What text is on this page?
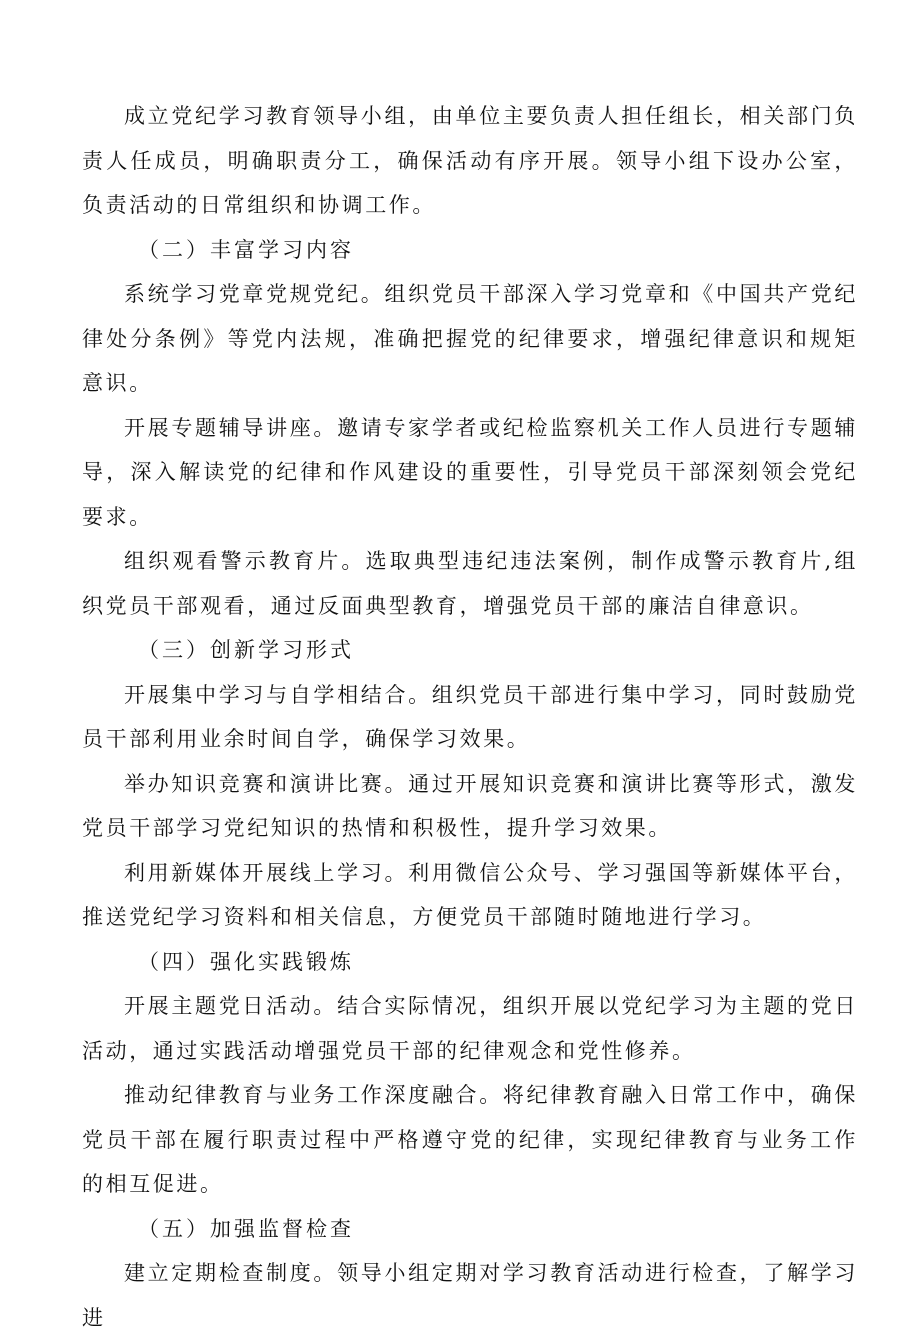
成立党纪学习教育领导小组，由单位主要负责人担任组长，相关部门负责人任成员，明确职责分工，确保活动有序开展。领导小组下设办公室，负责活动的日常组织和协调工作。

（二）丰富学习内容

系统学习党章党规党纪。组织党员干部深入学习党章和《中国共产党纪律处分条例》等党内法规，准确把握党的纪律要求，增强纪律意识和规矩意识。

开展专题辅导讲座。邀请专家学者或纪检监察机关工作人员进行专题辅导，深入解读党的纪律和作风建设的重要性，引导党员干部深刻领会党纪要求。

组织观看警示教育片。选取典型违纪违法案例，制作成警示教育片,组织党员干部观看，通过反面典型教育，增强党员干部的廉洁自律意识。

（三）创新学习形式

开展集中学习与自学相结合。组织党员干部进行集中学习，同时鼓励党员干部利用业余时间自学，确保学习效果。

举办知识竞赛和演讲比赛。通过开展知识竞赛和演讲比赛等形式，激发党员干部学习党纪知识的热情和积极性，提升学习效果。

利用新媒体开展线上学习。利用微信公众号、学习强国等新媒体平台，推送党纪学习资料和相关信息，方便党员干部随时随地进行学习。

（四）强化实践锻炼

开展主题党日活动。结合实际情况，组织开展以党纪学习为主题的党日活动，通过实践活动增强党员干部的纪律观念和党性修养。

推动纪律教育与业务工作深度融合。将纪律教育融入日常工作中，确保党员干部在履行职责过程中严格遵守党的纪律，实现纪律教育与业务工作的相互促进。

（五）加强监督检查

建立定期检查制度。领导小组定期对学习教育活动进行检查，了解学习进
